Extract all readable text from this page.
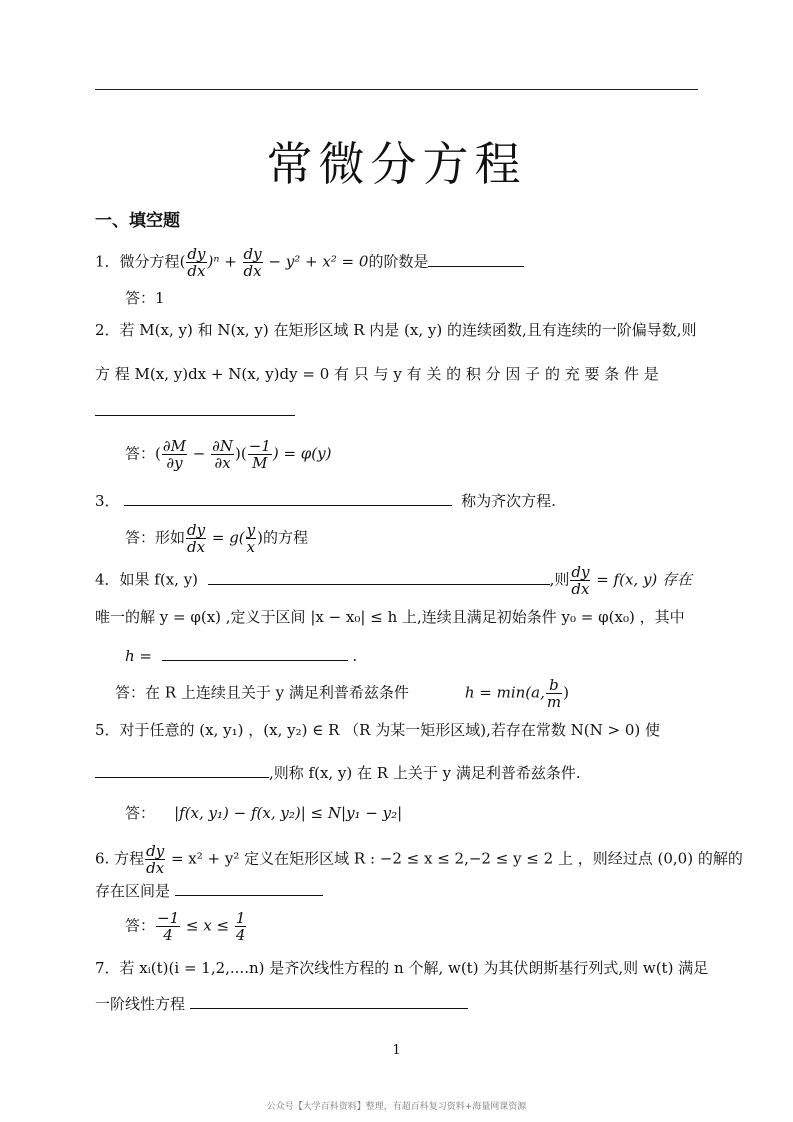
常微分方程
一、填空题
1．微分方程( $\frac{dy}{dx} )^n + \frac{dy}{dx} - y^2 + x^2 = 0$的阶数是
答：1
2．若 M(x, y) 和 N(x, y) 在矩形区域 R 内是 (x, y) 的连续函数,且有连续的一阶偏导数,则
方 程 M(x, y)dx + N(x, y)dy = 0 有 只 与 y 有 关 的 积 分 因 子 的 充 要 条 件 是
答：( $\frac{\partial M}{\partial y} - \frac{\partial N}{\partial x}$ )( $\frac{-1}{M}$ ) = φ(y)
3．	称为齐次方程.
答：形如 $\frac{dy}{dx} = g( \frac{y}{x}$ )的方程
4．如果 f(x, y)	,则 $\frac{dy}{dx} = f(x$, y) 存在
唯一的解 y = φ(x) ,定义于区间 |x − x₀| ≤ h 上,连续且满足初始条件 y₀ = φ(x₀) ，其中
h =	.
答：在 R 上连续且关于 y 满足利普希兹条件	h = min(a, $\frac{b}{m}$ )
5．对于任意的 (x, y₁) ，(x, y₂) ∈ R （R 为某一矩形区域),若存在常数 N(N > 0) 使
,则称 f(x, y) 在 R 上关于 y 满足利普希兹条件.
答： |f(x, y₁) − f(x, y₂)| ≤ N|y₁ − y₂|
6. 方程 $\frac{dy}{dx} = x^2 + y^2$ 定义在矩形区域 R : −2 ≤ x ≤ 2,−2 ≤ y ≤ 2 上 ，则经过点 (0,0) 的解的
存在区间是
答： $\frac{-1}{4} \le x \le \frac{1}{4}$
7．若 xᵢ(t)(i = 1,2,....n) 是齐次线性方程的 n 个解, w(t) 为其伏朗斯基行列式,则 w(t) 满足
一阶线性方程
1
公众号【大学百科资料】整理，有超百科复习资料+海量网课资源
